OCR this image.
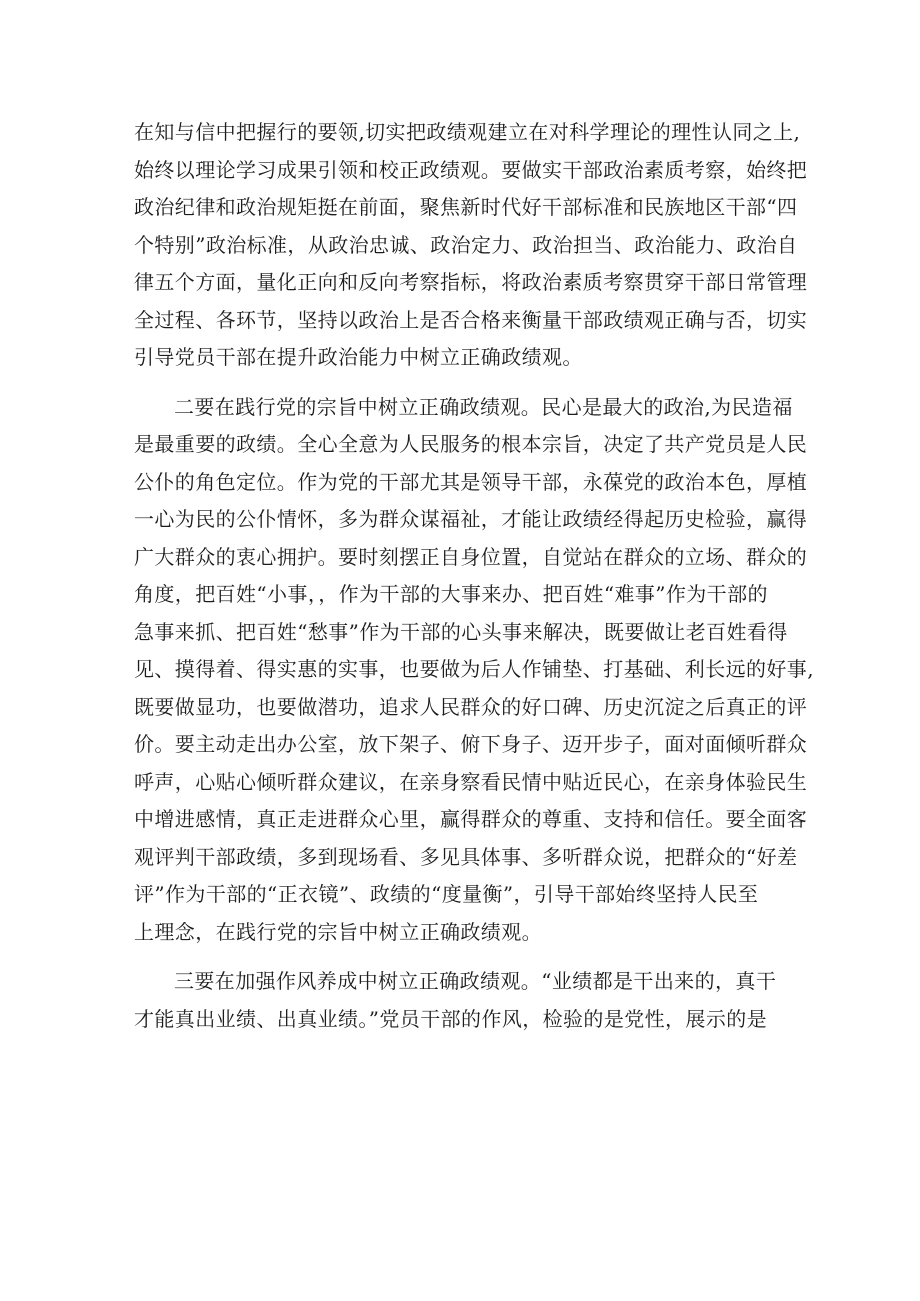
在知与信中把握行的要领,切实把政绩观建立在对科学理论的理性认同之上,
始终以理论学习成果引领和校正政绩观。要做实干部政治素质考察，始终把
政治纪律和政治规矩挺在前面，聚焦新时代好干部标准和民族地区干部“四
个特别”政治标准，从政治忠诚、政治定力、政治担当、政治能力、政治自
律五个方面，量化正向和反向考察指标，将政治素质考察贯穿干部日常管理
全过程、各环节，坚持以政治上是否合格来衡量干部政绩观正确与否，切实
引导党员干部在提升政治能力中树立正确政绩观。

二要在践行党的宗旨中树立正确政绩观。民心是最大的政治,为民造福
是最重要的政绩。全心全意为人民服务的根本宗旨，决定了共产党员是人民
公仆的角色定位。作为党的干部尤其是领导干部，永葆党的政治本色，厚植
一心为民的公仆情怀，多为群众谋福祉，才能让政绩经得起历史检验，赢得
广大群众的衷心拥护。要时刻摆正自身位置，自觉站在群众的立场、群众的
角度，把百姓“小事，，作为干部的大事来办、把百姓“难事”作为干部的
急事来抓、把百姓“愁事”作为干部的心头事来解决，既要做让老百姓看得
见、摸得着、得实惠的实事，也要做为后人作铺垫、打基础、利长远的好事,
既要做显功，也要做潜功，追求人民群众的好口碑、历史沉淀之后真正的评
价。要主动走出办公室，放下架子、俯下身子、迈开步子，面对面倾听群众
呼声，心贴心倾听群众建议，在亲身察看民情中贴近民心，在亲身体验民生
中增进感情，真正走进群众心里，赢得群众的尊重、支持和信任。要全面客
观评判干部政绩，多到现场看、多见具体事、多听群众说，把群众的“好差
评”作为干部的“正衣镜”、政绩的“度量衡”，引导干部始终坚持人民至
上理念，在践行党的宗旨中树立正确政绩观。

三要在加强作风养成中树立正确政绩观。“业绩都是干出来的，真干
才能真出业绩、出真业绩。”党员干部的作风，检验的是党性，展示的是
